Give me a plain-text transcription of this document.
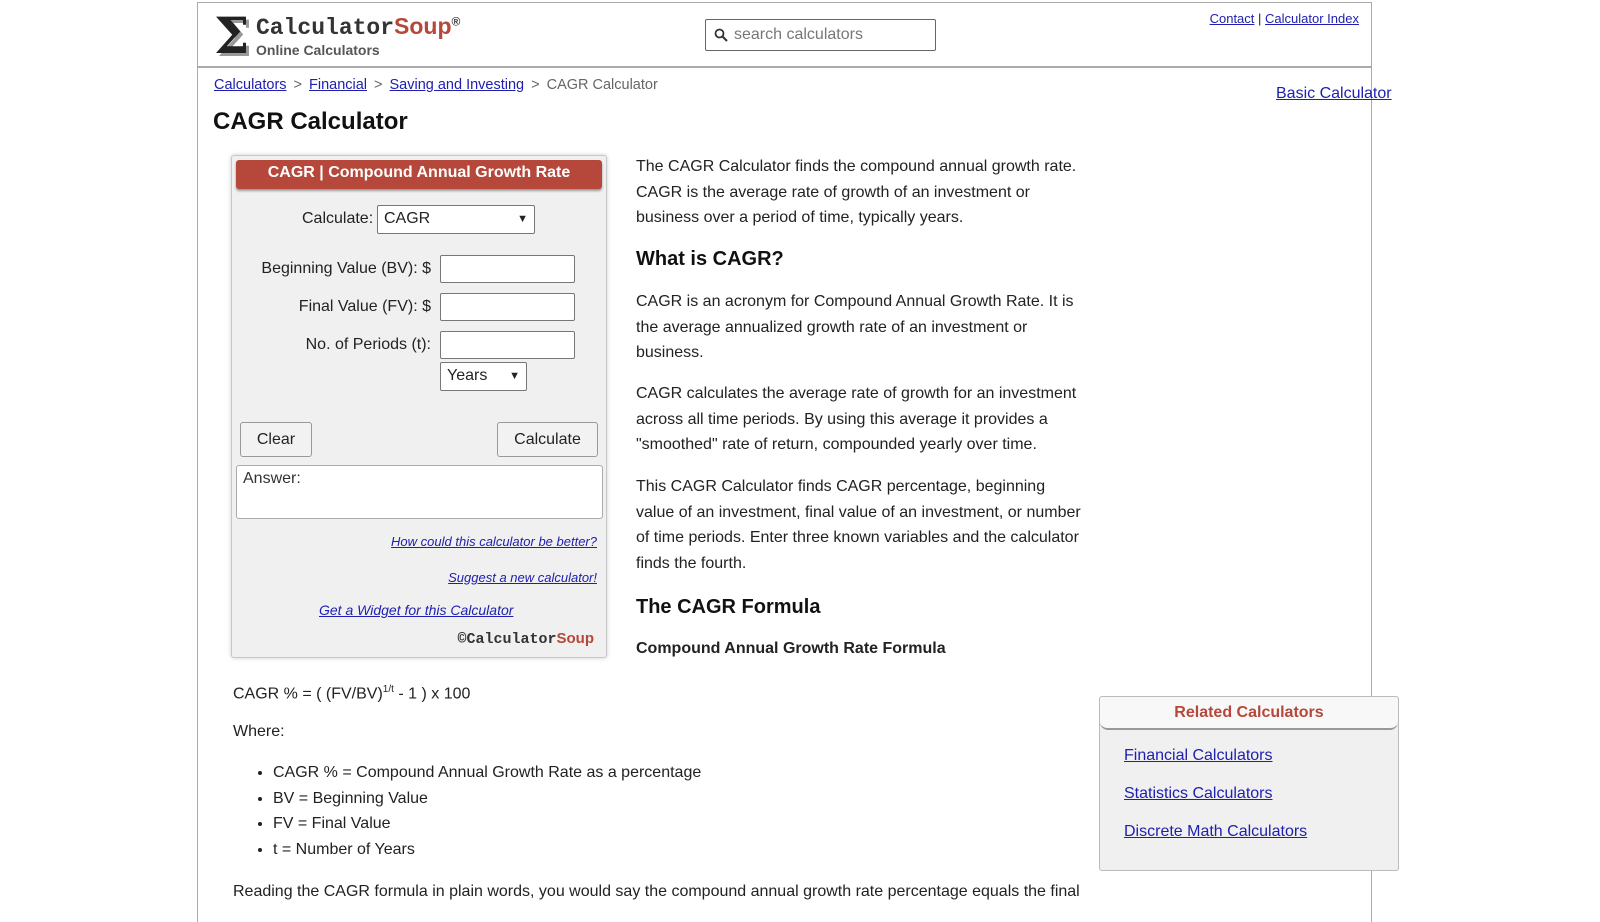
Σ CalculatorSoup®
Online Calculators
search calculators
Contact | Calculator Index
Calculators > Financial > Saving and Investing > CAGR Calculator	Basic Calculator
CAGR Calculator
CAGR | Compound Annual Growth Rate
Calculate: CAGR	▼
Beginning Value (BV): $
Final Value (FV): $
No. of Periods (t):
Years ▼
Clear	Calculate
Answer:
How could this calculator be better?
Suggest a new calculator!
Get a Widget for this Calculator
©CalculatorSoup
The CAGR Calculator finds the compound annual growth rate. CAGR is the average rate of growth of an investment or business over a period of time, typically years.
What is CAGR?
CAGR is an acronym for Compound Annual Growth Rate. It is the average annualized growth rate of an investment or business.
CAGR calculates the average rate of growth for an investment across all time periods. By using this average it provides a "smoothed" rate of return, compounded yearly over time.
This CAGR Calculator finds CAGR percentage, beginning value of an investment, final value of an investment, or number of time periods. Enter three known variables and the calculator finds the fourth.
The CAGR Formula
Compound Annual Growth Rate Formula
CAGR % = ( $(FV/BV)^{1/t} - 1$ ) x 100
Where:
• CAGR % = Compound Annual Growth Rate as a percentage
• BV = Beginning Value
• FV = Final Value
• t = Number of Years
Reading the CAGR formula in plain words, you would say the compound annual growth rate percentage equals the final
Related Calculators
Financial Calculators
Statistics Calculators
Discrete Math Calculators
